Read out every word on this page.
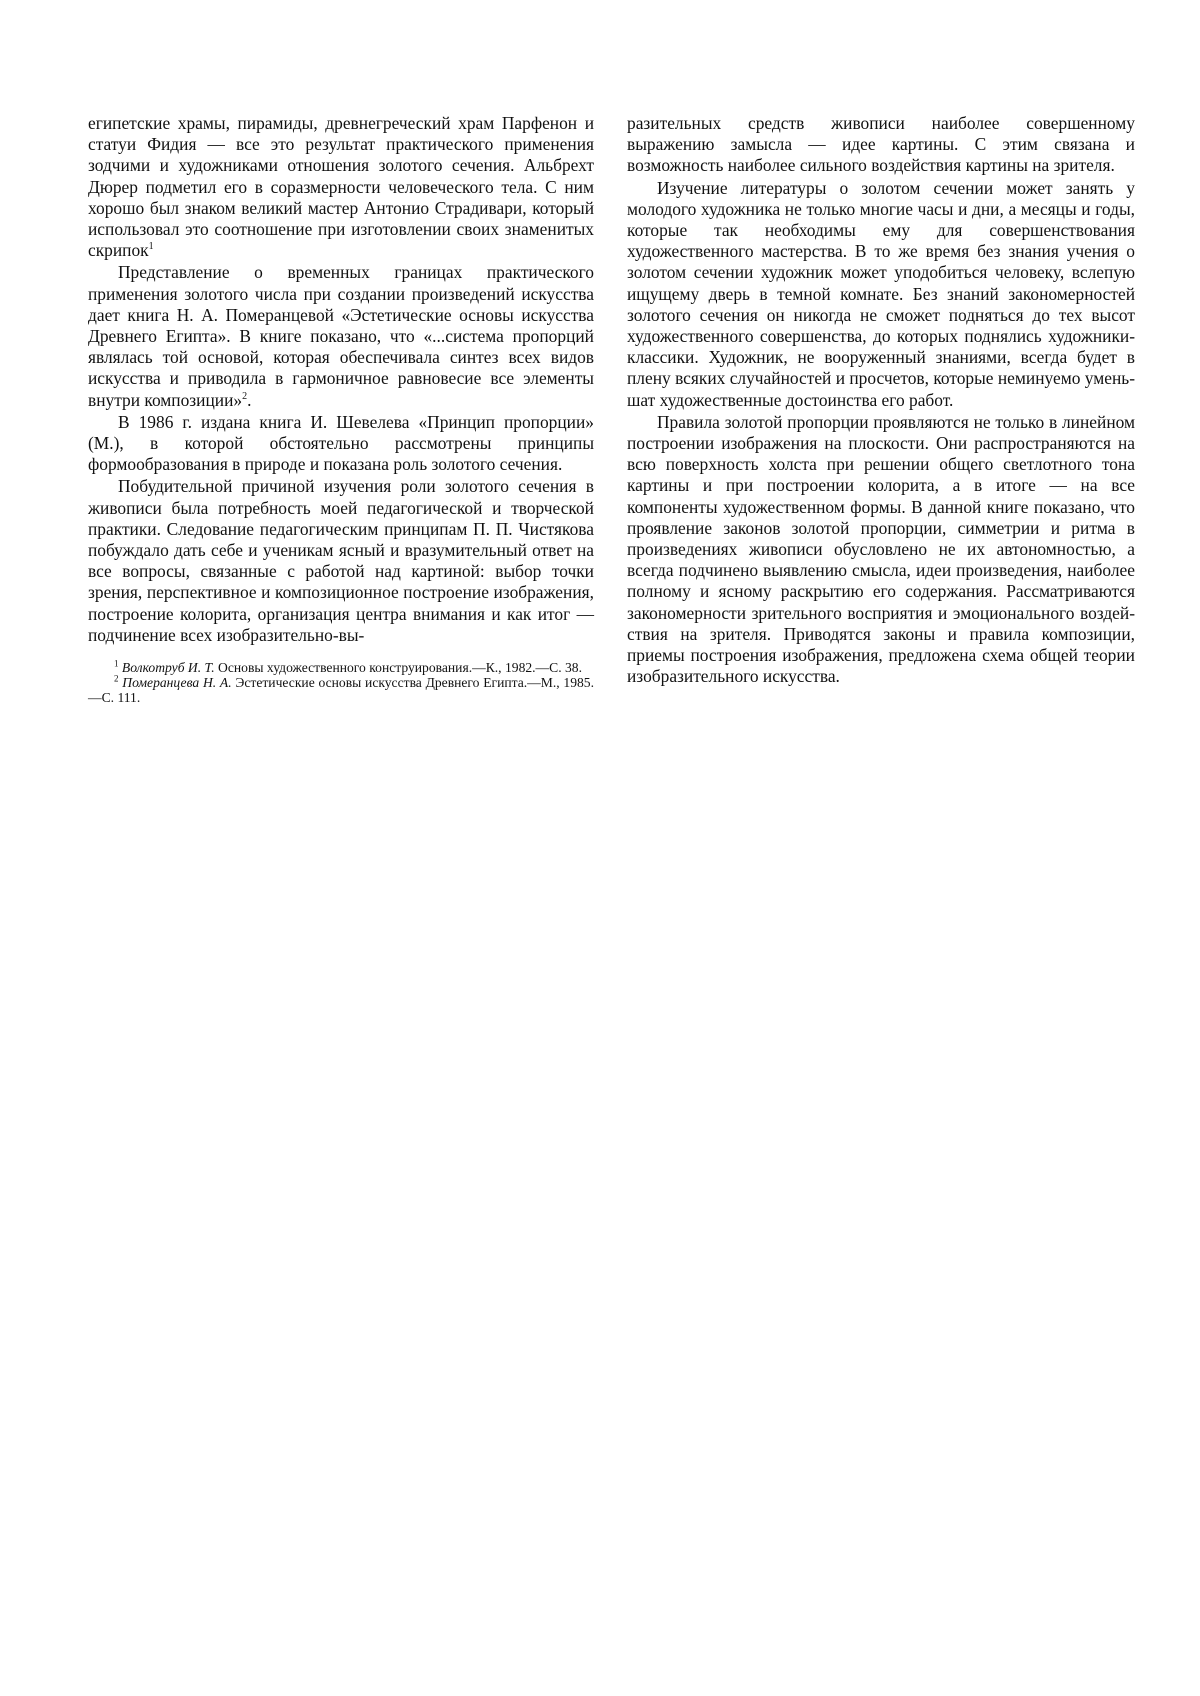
египетские храмы, пирамиды, древнегреческий храм Парфенон и статуи Фидия — все это результат практического применения зодчими и художниками отношения золотого сечения. Альбрехт Дюрер подметил его в соразмерности человеческого тела. С ним хорошо был знаком великий мастер Антонио Страдивари, который использовал это соотношение при изготовлении своих знаменитых скрипок$^1$

Представление о временных границах практического применения золотого числа при создании произведений искусства дает книга Н. А. Померанцевой «Эстетические основы искусства Древнего Египта». В книге показано, что «...система пропорций являлась той основой, которая обеспечивала синтез всех видов искусства и приводила в гармоничное равновесие все элементы внутри композиции»$^2$.

В 1986 г. издана книга И. Шевелева «Принцип пропорции» (М.), в которой обстоятельно рассмотрены принципы формообразования в природе и показана роль золотого сечения.

Побудительной причиной изучения роли золотого сечения в живописи была потребность моей педагогической и творческой практики. Следование педагогическим принципам П. П. Чистякова побуждало дать себе и ученикам ясный и вразумительный ответ на все вопросы, связанные с работой над картиной: выбор точки зрения, перспективное и композиционное построение изображения, построение колорита, организация центра внимания и как итог — подчинение всех изобразительно-вы-

$^1$ Волкотруб И. Т. Основы художественного конструирования.—К., 1982.—С. 38.

$^2$ Померанцева Н. А. Эстетические основы искусства Древнего Египта.—М., 1985.—С. 111.

разительных средств живописи наиболее совершенному выражению замысла — идее картины. С этим связана и возможность наиболее сильного воздействия картины на зрителя.

Изучение литературы о золотом сечении может занять у молодого художника не только многие часы и дни, а месяцы и годы, которые так необходимы ему для совершенствования художественного мастерства. В то же время без знания учения о золотом сечении художник может уподобиться человеку, вслепую ищущему дверь в темной комнате. Без знаний закономерностей золотого сечения он никогда не сможет подняться до тех высот художественного совершенства, до которых поднялись художники-классики. Художник, не вооруженный знаниями, всегда будет в плену всяких случайностей и просчетов, которые неминуемо уменьшат художественные достоинства его работ.

Правила золотой пропорции проявляются не только в линейном построении изображения на плоскости. Они распространяются на всю поверхность холста при решении общего светлотного тона картины и при построении колорита, а в итоге — на все компоненты художественном формы. В данной книге показано, что проявление законов золотой пропорции, симметрии и ритма в произведениях живописи обусловлено не их автономностью, а всегда подчинено выявлению смысла, идеи произведения, наиболее полному и ясному раскрытию его содержания. Рассматриваются закономерности зрительного восприятия и эмоционального воздействия на зрителя. Приводятся законы и правила композиции, приемы построения изображения, предложена схема общей теории изобразительного искусства.
